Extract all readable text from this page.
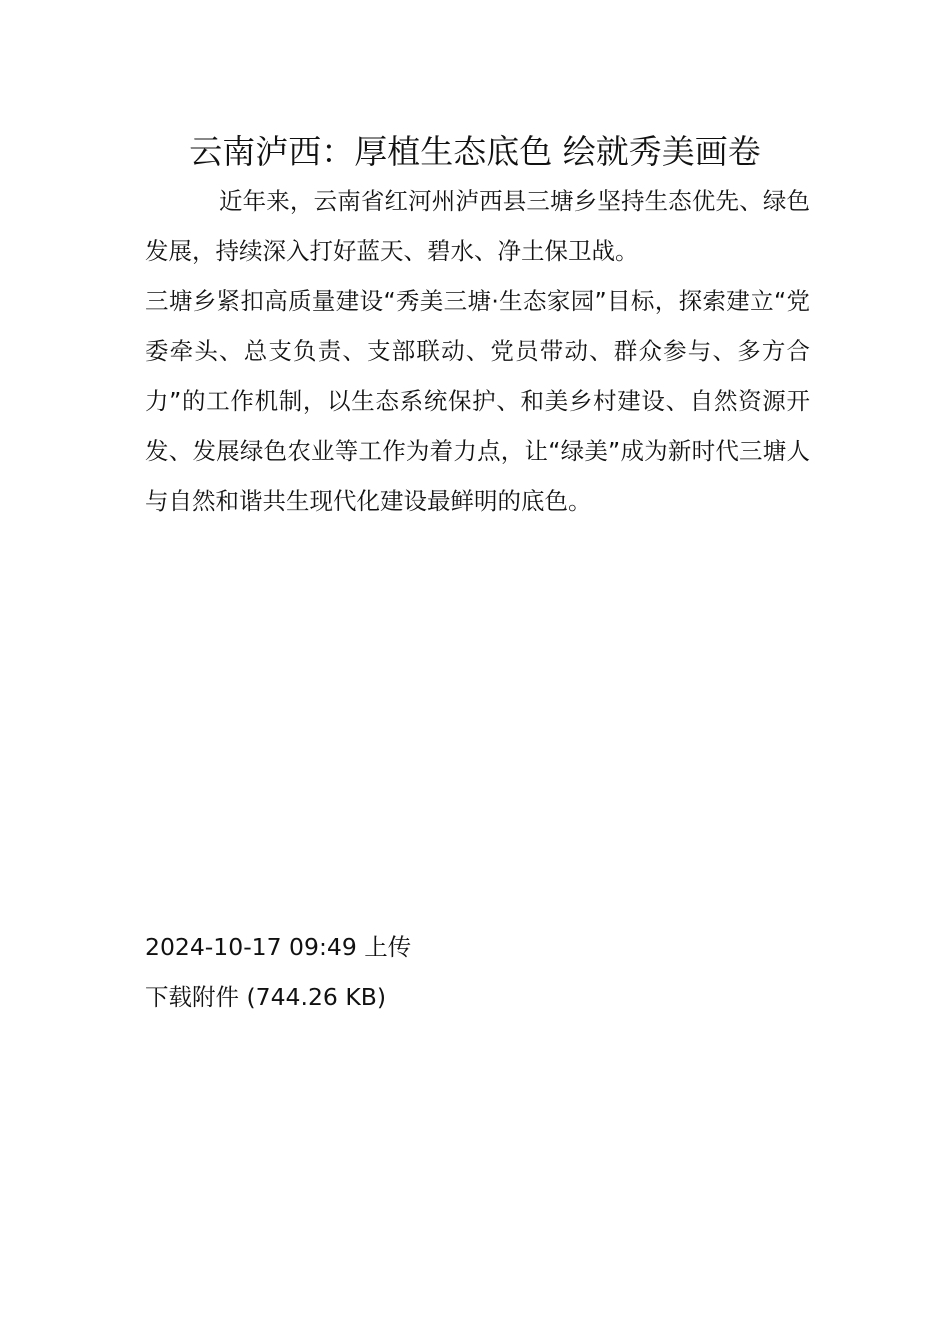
云南泸西：厚植生态底色 绘就秀美画卷

近年来，云南省红河州泸西县三塘乡坚持生态优先、绿色发展，持续深入打好蓝天、碧水、净土保卫战。

三塘乡紧扣高质量建设“秀美三塘·生态家园”目标，探索建立“党委牵头、总支负责、支部联动、党员带动、群众参与、多方合力”的工作机制，以生态系统保护、和美乡村建设、自然资源开发、发展绿色农业等工作为着力点，让“绿美”成为新时代三塘人与自然和谐共生现代化建设最鲜明的底色。

2024-10-17 09:49 上传
下载附件 (744.26 KB)
